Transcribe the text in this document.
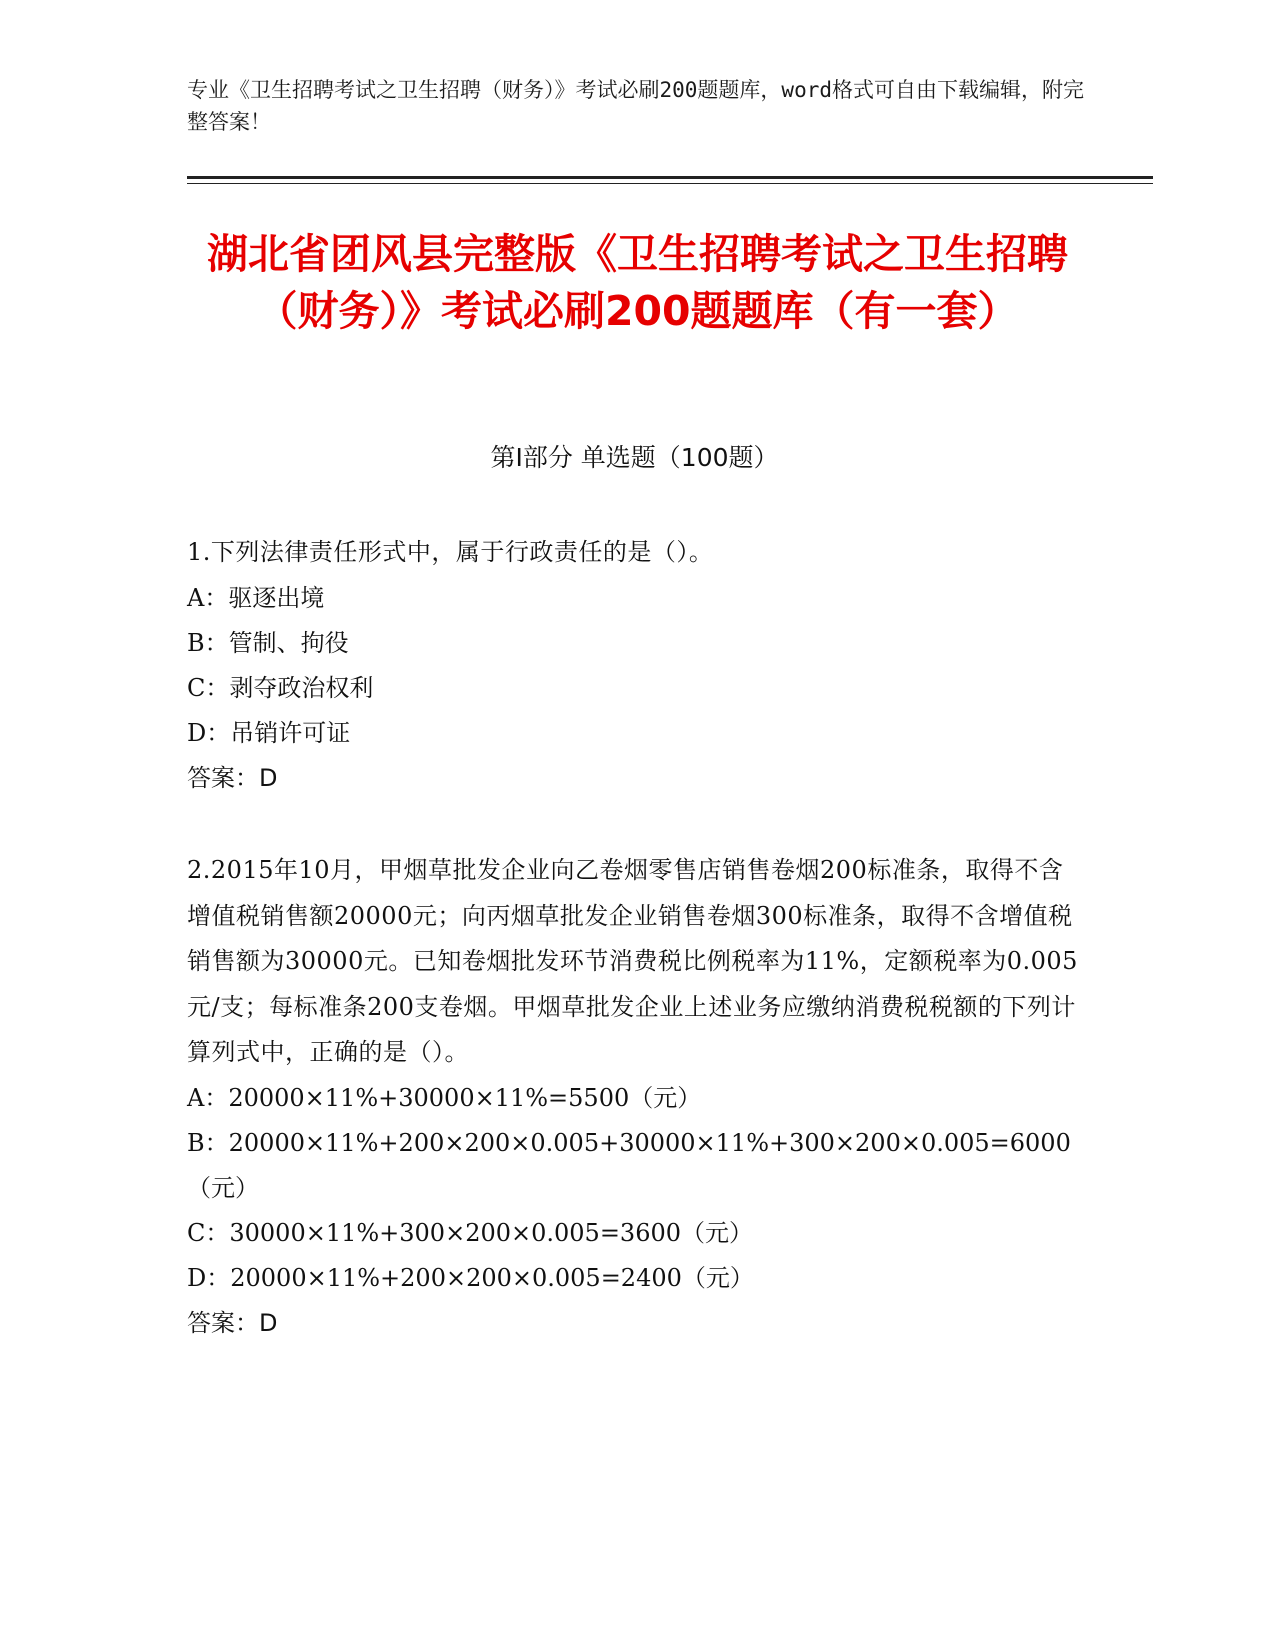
专业《卫生招聘考试之卫生招聘（财务）》考试必刷200题题库，word格式可自由下载编辑，附完整答案！
湖北省团风县完整版《卫生招聘考试之卫生招聘（财务）》考试必刷200题题库（有一套）
第I部分 单选题（100题）
1.下列法律责任形式中，属于行政责任的是（）。
A：驱逐出境
B：管制、拘役
C：剥夺政治权利
D：吊销许可证
答案：D
2.2015年10月，甲烟草批发企业向乙卷烟零售店销售卷烟200标准条，取得不含增值税销售额20000元；向丙烟草批发企业销售卷烟300标准条，取得不含增值税销售额为30000元。已知卷烟批发环节消费税比例税率为11%，定额税率为0.005元/支；每标准条200支卷烟。甲烟草批发企业上述业务应缴纳消费税税额的下列计算列式中，正确的是（）。
A：20000×11%+30000×11%=5500（元）
B：20000×11%+200×200×0.005+30000×11%+300×200×0.005=6000（元）
C：30000×11%+300×200×0.005=3600（元）
D：20000×11%+200×200×0.005=2400（元）
答案：D
